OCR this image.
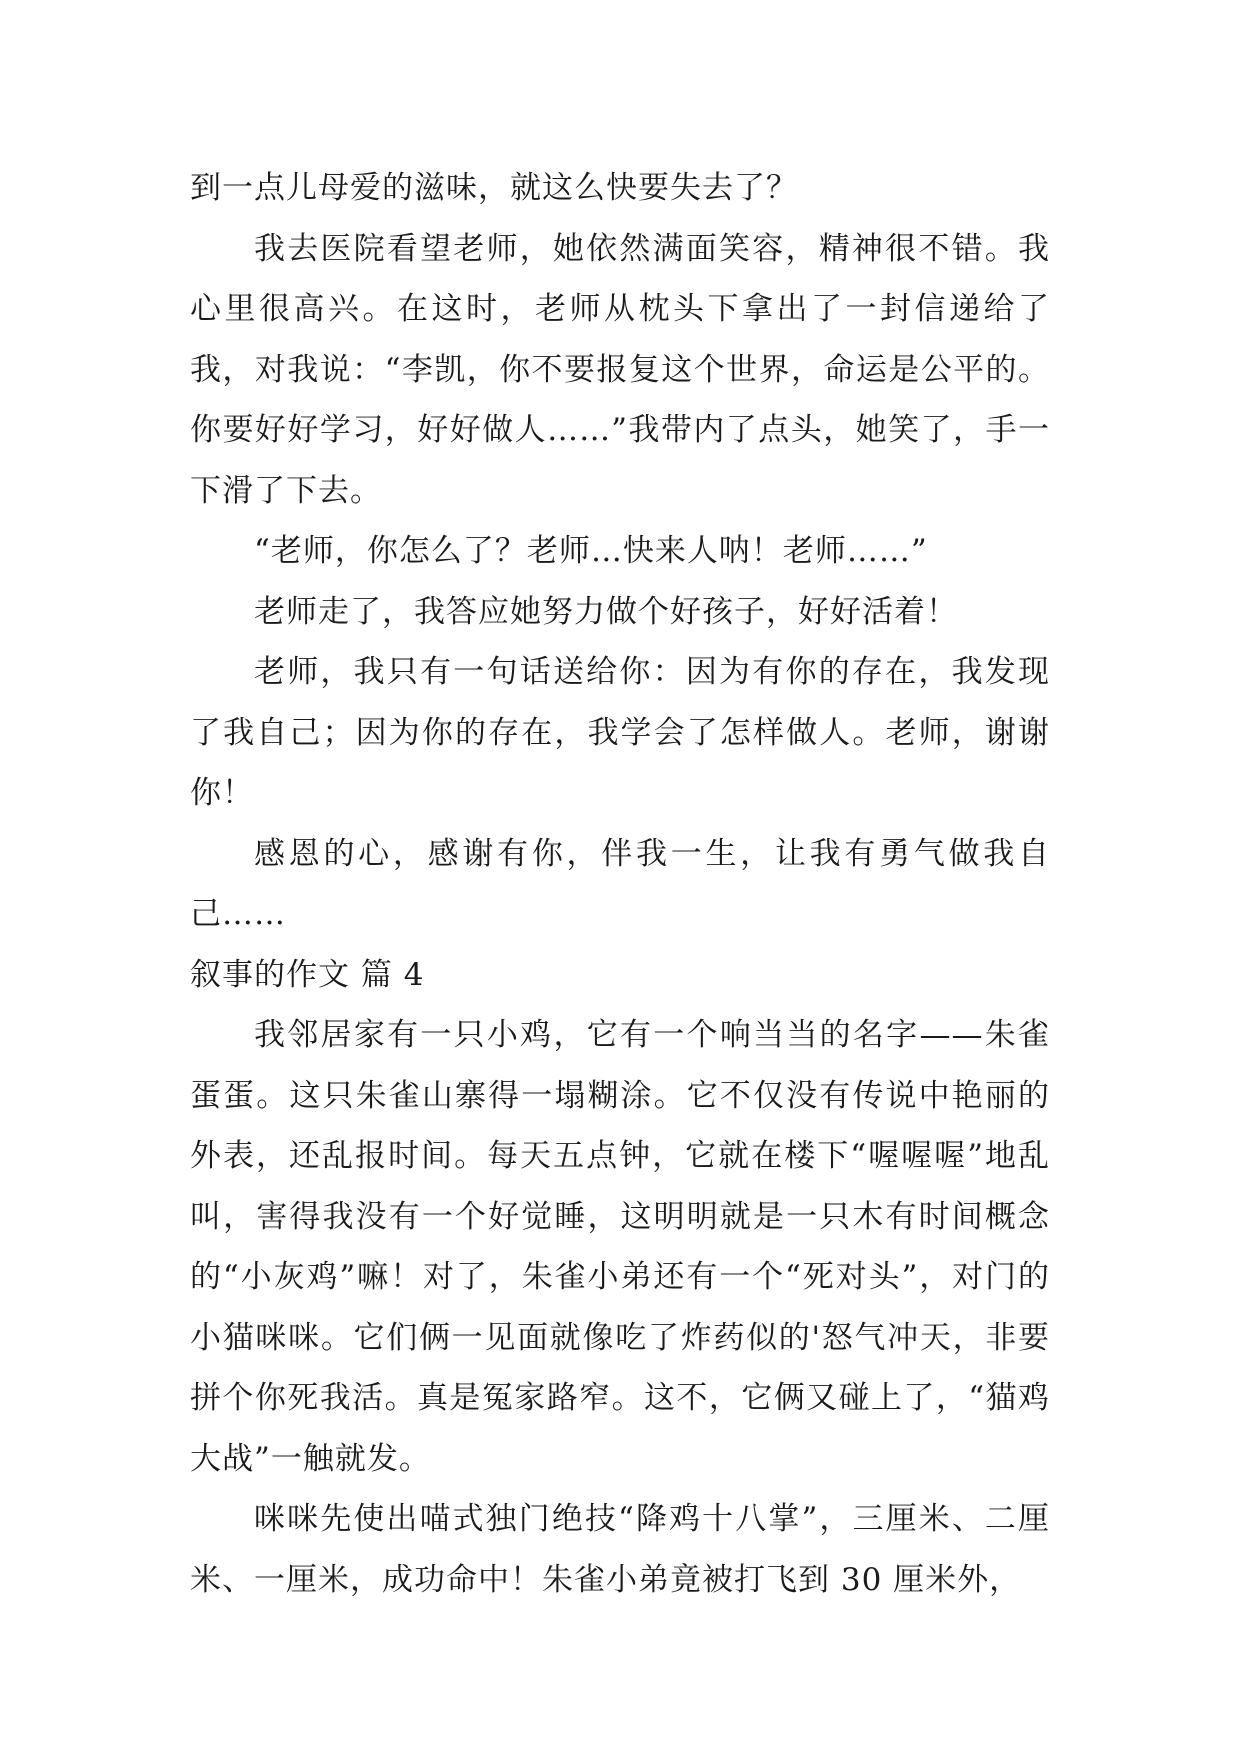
到一点儿母爱的滋味，就这么快要失去了？

我去医院看望老师，她依然满面笑容，精神很不错。我心里很高兴。在这时，老师从枕头下拿出了一封信递给了我，对我说：“李凯，你不要报复这个世界，命运是公平的。你要好好学习，好好做人……”我带内了点头，她笑了，手一下滑了下去。

“老师，你怎么了？老师…快来人呐！老师……”

老师走了，我答应她努力做个好孩子，好好活着！

老师，我只有一句话送给你：因为有你的存在，我发现了我自己；因为你的存在，我学会了怎样做人。老师，谢谢你！

感恩的心，感谢有你，伴我一生，让我有勇气做我自己……

叙事的作文 篇 4

我邻居家有一只小鸡，它有一个响当当的名字——朱雀蛋蛋。这只朱雀山寨得一塌糊涂。它不仅没有传说中艳丽的外表，还乱报时间。每天五点钟，它就在楼下“喔喔喔”地乱叫，害得我没有一个好觉睡，这明明就是一只木有时间概念的“小灰鸡”嘛！对了，朱雀小弟还有一个“死对头”，对门的小猫咪咪。它们俩一见面就像吃了炸药似的'怒气冲天，非要拼个你死我活。真是冤家路窄。这不，它俩又碰上了，“猫鸡大战”一触就发。

咪咪先使出喵式独门绝技“降鸡十八掌”，三厘米、二厘米、一厘米，成功命中！朱雀小弟竟被打飞到 30 厘米外，
